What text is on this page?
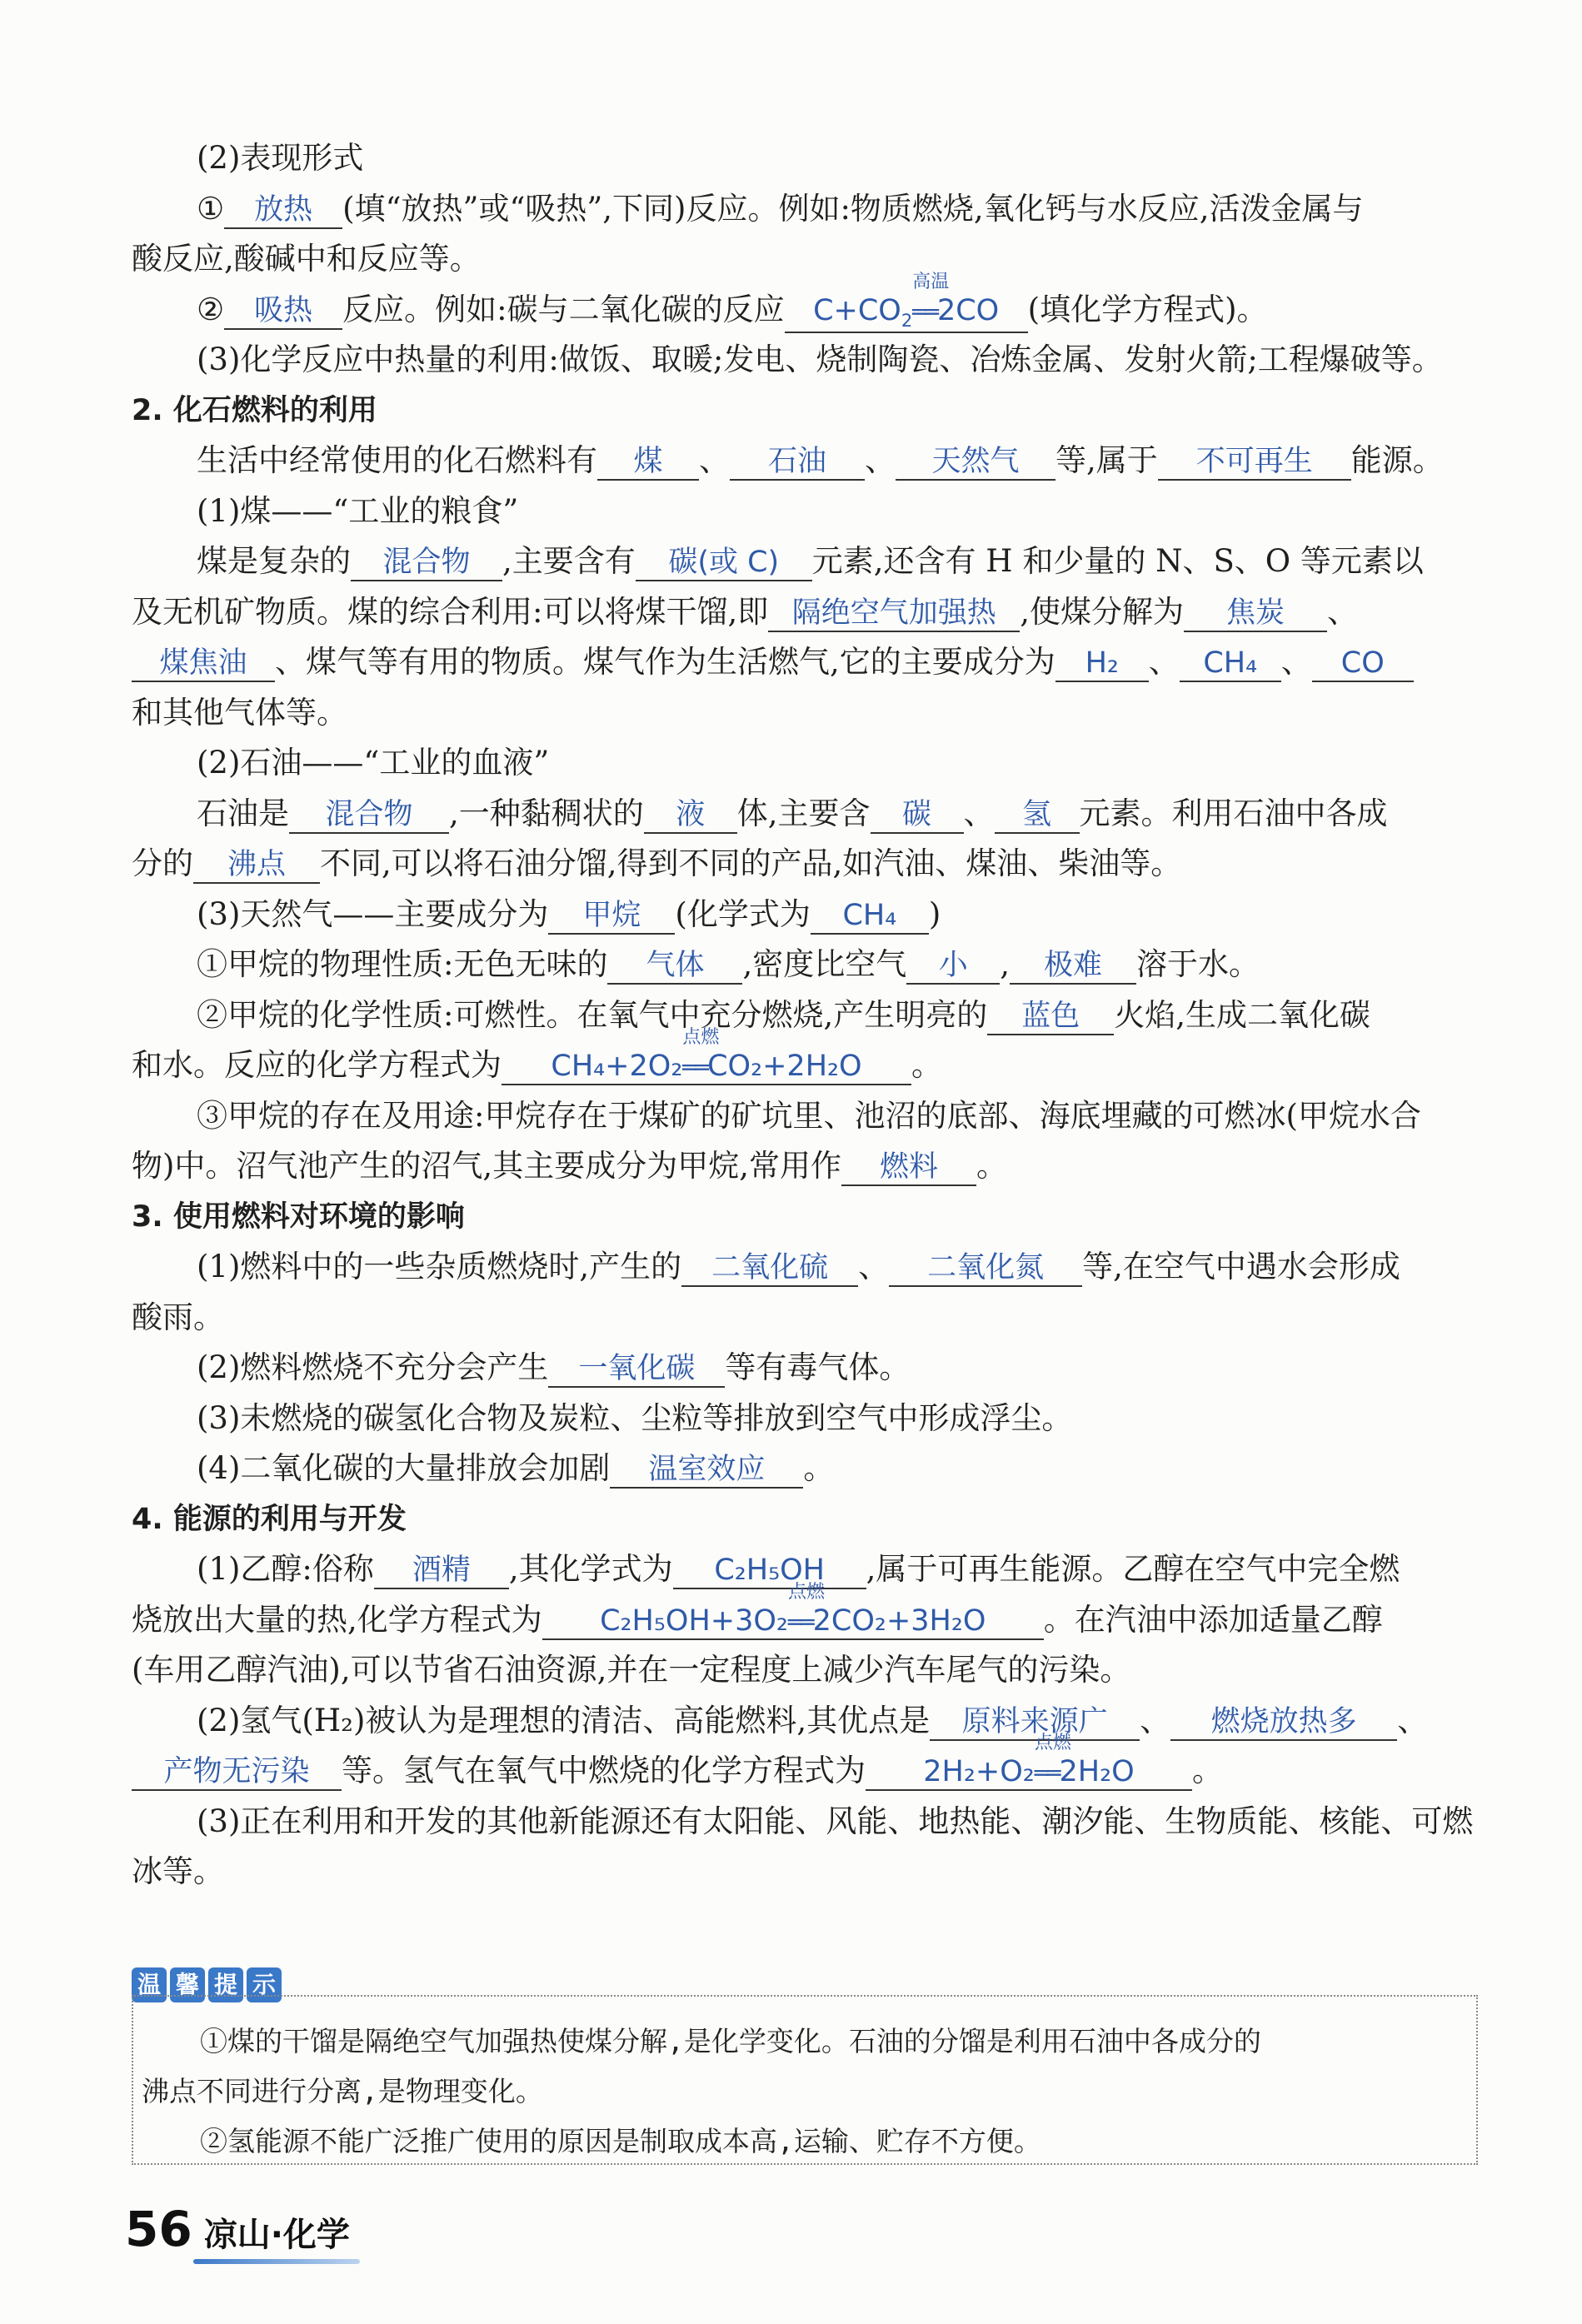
(2)表现形式
① 放热 (填“放热”或“吸热”,下同)反应。例如:物质燃烧,氧化钙与水反应,活泼金属与
酸反应,酸碱中和反应等。
② 吸热 反应。例如:碳与二氧化碳的反应 $C+CO_2$
高温
══2CO (填化学方程式)。
(3)化学反应中热量的利用:做饭、取暖;发电、烧制陶瓷、冶炼金属、发射火箭;工程爆破等。
2. 化石燃料的利用
生活中经常使用的化石燃料有 煤 、 石油 、 天然气 等,属于 不可再生 能源。
(1)煤——“工业的粮食”
煤是复杂的 混合物 ,主要含有 碳(或 C) 元素,还含有 H 和少量的 N、S、O 等元素以
及无机矿物质。煤的综合利用:可以将煤干馏,即 隔绝空气加强热 ,使煤分解为 焦炭 、
煤焦油 、煤气等有用的物质。煤气作为生活燃气,它的主要成分为 H₂ 、 CH₄ 、 CO
和其他气体等。
(2)石油——“工业的血液”
石油是 混合物 ,一种黏稠状的 液 体,主要含 碳 、 氢 元素。利用石油中各成
分的 沸点 不同,可以将石油分馏,得到不同的产品,如汽油、煤油、柴油等。
(3)天然气——主要成分为 甲烷 (化学式为 CH₄ )
①甲烷的物理性质:无色无味的 气体 ,密度比空气 小 , 极难 溶于水。
②甲烷的化学性质:可燃性。在氧气中充分燃烧,产生明亮的 蓝色 火焰,生成二氧化碳
和水。反应的化学方程式为 CH₄+2O₂
点燃
══CO₂+2H₂O 。
③甲烷的存在及用途:甲烷存在于煤矿的矿坑里、池沼的底部、海底埋藏的可燃冰(甲烷水合
物)中。沼气池产生的沼气,其主要成分为甲烷,常用作 燃料 。
3. 使用燃料对环境的影响
(1)燃料中的一些杂质燃烧时,产生的 二氧化硫 、 二氧化氮 等,在空气中遇水会形成
酸雨。
(2)燃料燃烧不充分会产生 一氧化碳 等有毒气体。
(3)未燃烧的碳氢化合物及炭粒、尘粒等排放到空气中形成浮尘。
(4)二氧化碳的大量排放会加剧 温室效应 。
4. 能源的利用与开发
(1)乙醇:俗称 酒精 ,其化学式为 C₂H₅OH ,属于可再生能源。乙醇在空气中完全燃
烧放出大量的热,化学方程式为 C₂H₅OH+3O₂
点燃
══2CO₂+3H₂O 。在汽油中添加适量乙醇
(车用乙醇汽油),可以节省石油资源,并在一定程度上减少汽车尾气的污染。
(2)氢气(H₂)被认为是理想的清洁、高能燃料,其优点是 原料来源广 、 燃烧放热多 、
产物无污染 等。氢气在氧气中燃烧的化学方程式为 2H₂+O₂
点燃
══2H₂O 。
(3)正在利用和开发的其他新能源还有太阳能、风能、地热能、潮汐能、生物质能、核能、可燃
冰等。
温 馨 提 示
①煤的干馏是隔绝空气加强热使煤分解,是化学变化。石油的分馏是利用石油中各成分的
沸点不同进行分离,是物理变化。
②氢能源不能广泛推广使用的原因是制取成本高,运输、贮存不方便。
56 凉山·化学
